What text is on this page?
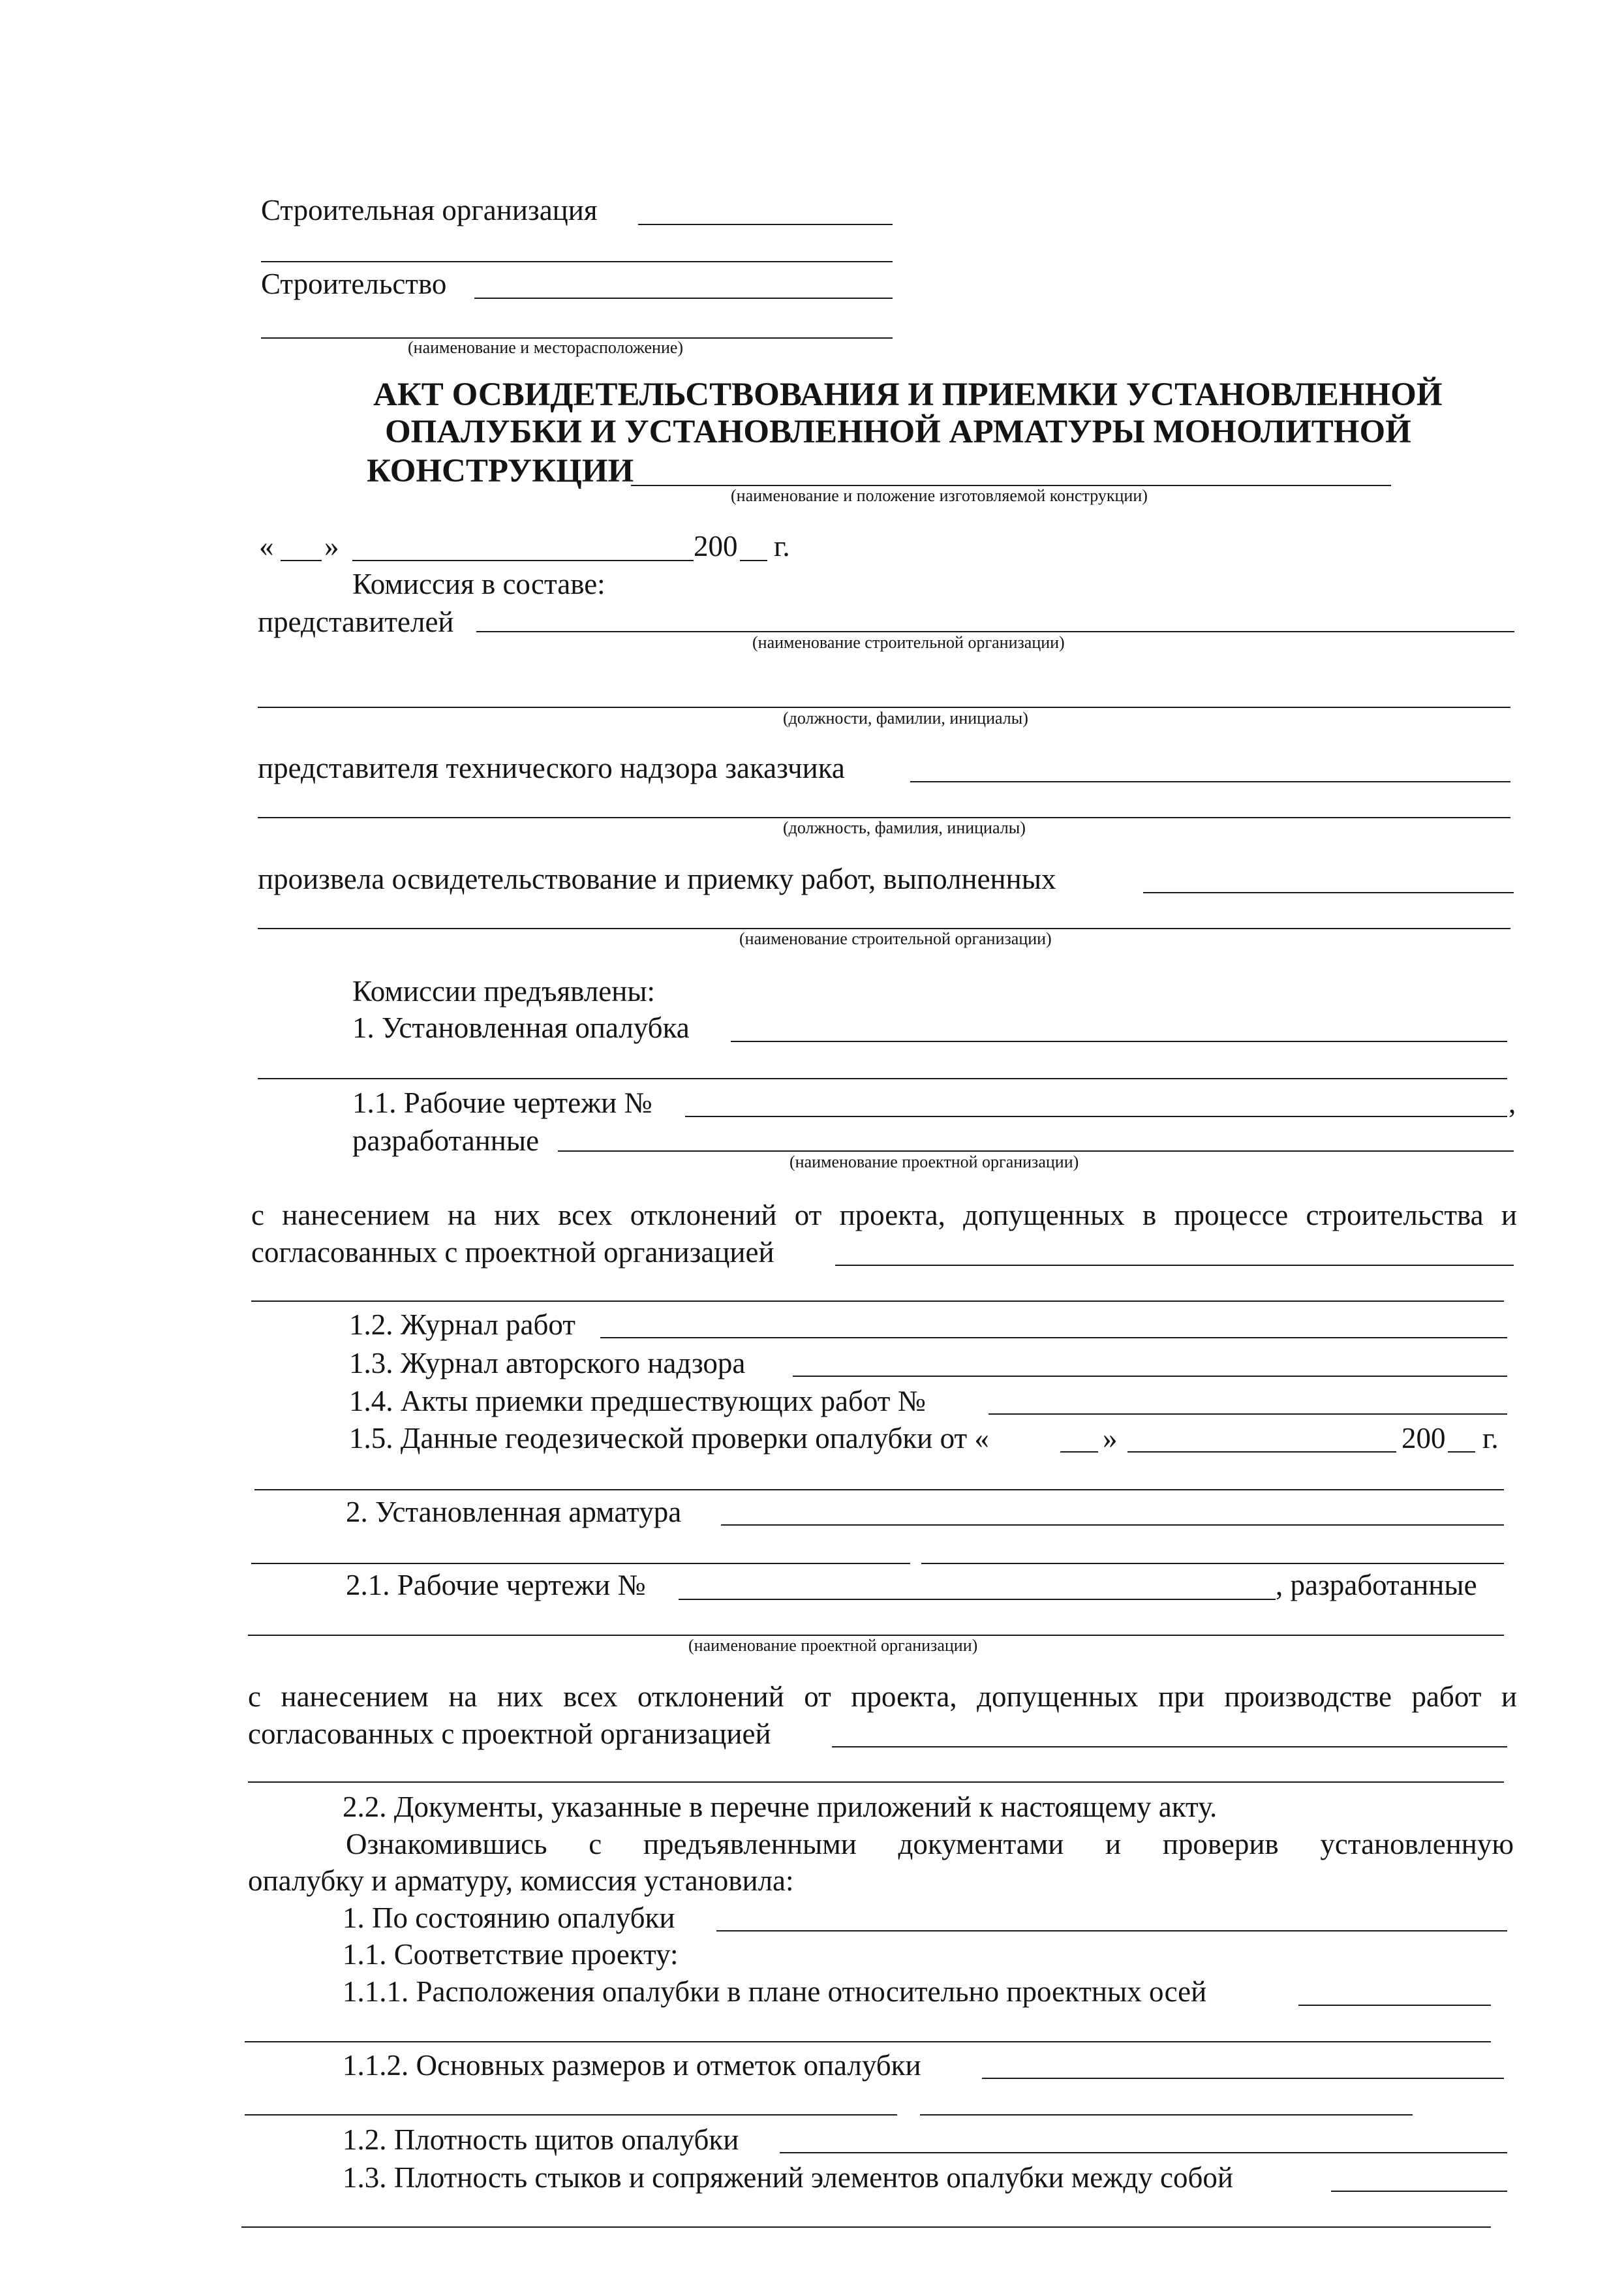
Строительная организация
Строительство
(наименование и месторасположение)
АКТ ОСВИДЕТЕЛЬСТВОВАНИЯ И ПРИЕМКИ УСТАНОВЛЕННОЙ
ОПАЛУБКИ И УСТАНОВЛЕННОЙ АРМАТУРЫ МОНОЛИТНОЙ
КОНСТРУКЦИИ
(наименование и положение изготовляемой конструкции)
« »	200 г.
Комиссия в составе:
представителей
(наименование строительной организации)
(должности, фамилии, инициалы)
представителя технического надзора заказчика
(должность, фамилия, инициалы)
произвела освидетельствование и приемку работ, выполненных
(наименование строительной организации)
Комиссии предъявлены:
1. Установленная опалубка
1.1. Рабочие чертежи №	,
разработанные
(наименование проектной организации)
с нанесением на них всех отклонений от проекта, допущенных в процессе строительства и
согласованных с проектной организацией
1.2. Журнал работ
1.3. Журнал авторского надзора
1.4. Акты приемки предшествующих работ №
1.5. Данные геодезической проверки опалубки от «	»	200 г.
2. Установленная арматура
2.1. Рабочие чертежи №	, разработанные
(наименование проектной организации)
с нанесением на них всех отклонений от проекта, допущенных при производстве работ и
согласованных с проектной организацией
2.2. Документы, указанные в перечне приложений к настоящему акту.
Ознакомившись с предъявленными документами и проверив установленную
опалубку и арматуру, комиссия установила:
1. По состоянию опалубки
1.1. Соответствие проекту:
1.1.1. Расположения опалубки в плане относительно проектных осей
1.1.2. Основных размеров и отметок опалубки
1.2. Плотность щитов опалубки
1.3. Плотность стыков и сопряжений элементов опалубки между собой
